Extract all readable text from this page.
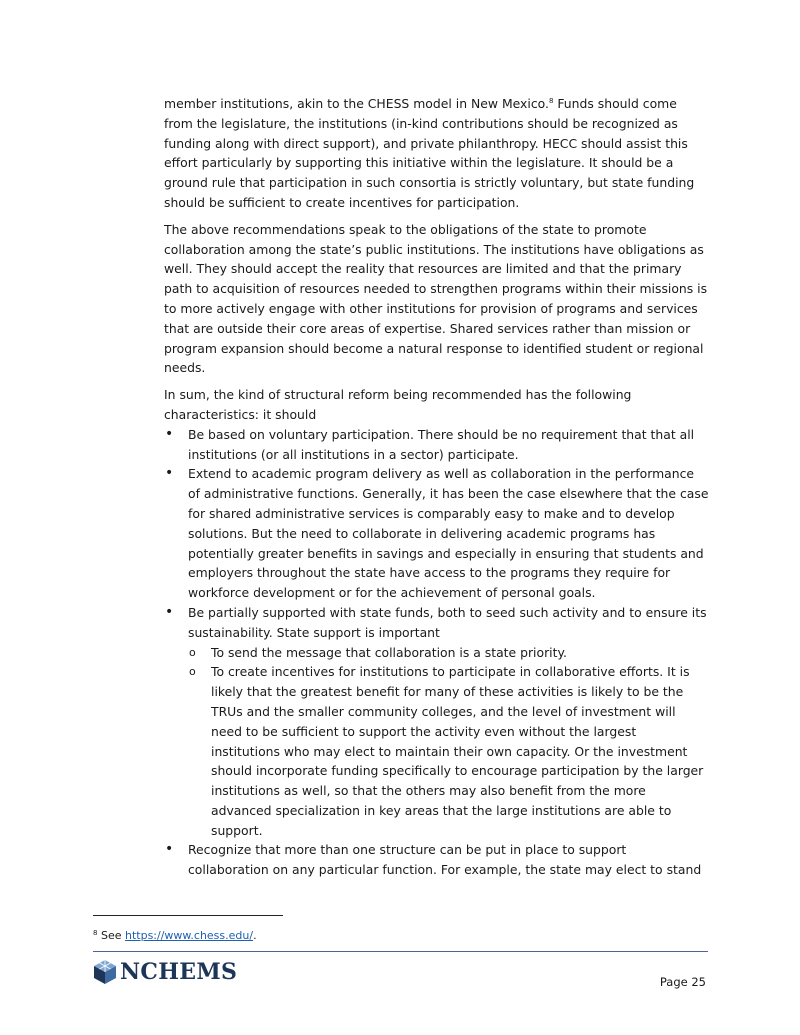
member institutions, akin to the CHESS model in New Mexico.$^8$ Funds should come from the legislature, the institutions (in-kind contributions should be recognized as funding along with direct support), and private philanthropy. HECC should assist this effort particularly by supporting this initiative within the legislature. It should be a ground rule that participation in such consortia is strictly voluntary, but state funding should be sufficient to create incentives for participation.

The above recommendations speak to the obligations of the state to promote collaboration among the state’s public institutions. The institutions have obligations as well. They should accept the reality that resources are limited and that the primary path to acquisition of resources needed to strengthen programs within their missions is to more actively engage with other institutions for provision of programs and services that are outside their core areas of expertise. Shared services rather than mission or program expansion should become a natural response to identified student or regional needs.

In sum, the kind of structural reform being recommended has the following characteristics: it should

• Be based on voluntary participation. There should be no requirement that that all institutions (or all institutions in a sector) participate.
• Extend to academic program delivery as well as collaboration in the performance of administrative functions. Generally, it has been the case elsewhere that the case for shared administrative services is comparably easy to make and to develop solutions. But the need to collaborate in delivering academic programs has potentially greater benefits in savings and especially in ensuring that students and employers throughout the state have access to the programs they require for workforce development or for the achievement of personal goals.
• Be partially supported with state funds, both to seed such activity and to ensure its sustainability. State support is important
o To send the message that collaboration is a state priority.
o To create incentives for institutions to participate in collaborative efforts. It is likely that the greatest benefit for many of these activities is likely to be the TRUs and the smaller community colleges, and the level of investment will need to be sufficient to support the activity even without the largest institutions who may elect to maintain their own capacity. Or the investment should incorporate funding specifically to encourage participation by the larger institutions as well, so that the others may also benefit from the more advanced specialization in key areas that the large institutions are able to support.
• Recognize that more than one structure can be put in place to support collaboration on any particular function. For example, the state may elect to stand
$^8$ See https://www.chess.edu/.
NCHEMS	Page 25
